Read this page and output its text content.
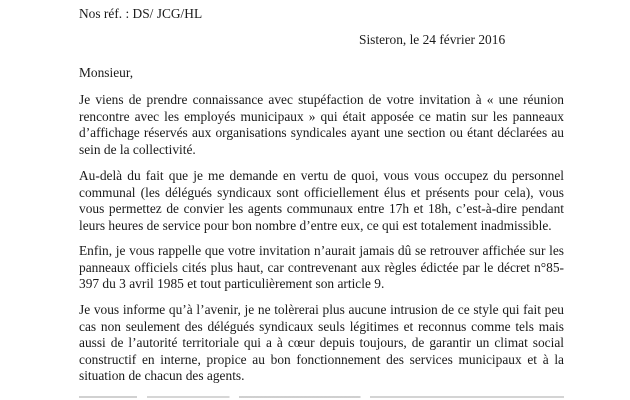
Nos réf. : DS/ JCG/HL
Sisteron, le 24 février 2016
Monsieur,
Je viens de prendre connaissance avec stupéfaction de votre invitation à « une réunion
rencontre avec les employés municipaux » qui était apposée ce matin sur les panneaux
d’affichage réservés aux organisations syndicales ayant une section ou étant déclarées au
sein de la collectivité.
Au-delà du fait que je me demande en vertu de quoi, vous vous occupez du personnel
communal (les délégués syndicaux sont officiellement élus et présents pour cela), vous
vous permettez de convier les agents communaux entre 17h et 18h, c’est-à-dire pendant
leurs heures de service pour bon nombre d’entre eux, ce qui est totalement inadmissible.
Enfin, je vous rappelle que votre invitation n’aurait jamais dû se retrouver affichée sur les
panneaux officiels cités plus haut, car contrevenant aux règles édictée par le décret n°85-
397 du 3 avril 1985 et tout particulièrement son article 9.
Je vous informe qu’à l’avenir, je ne tolèrerai plus aucune intrusion de ce style qui fait peu
cas non seulement des délégués syndicaux seuls légitimes et reconnus comme tels mais
aussi de l’autorité territoriale qui a à cœur depuis toujours, de garantir un climat social
constructif en interne, propice au bon fonctionnement des services municipaux et à la
situation de chacun des agents.
